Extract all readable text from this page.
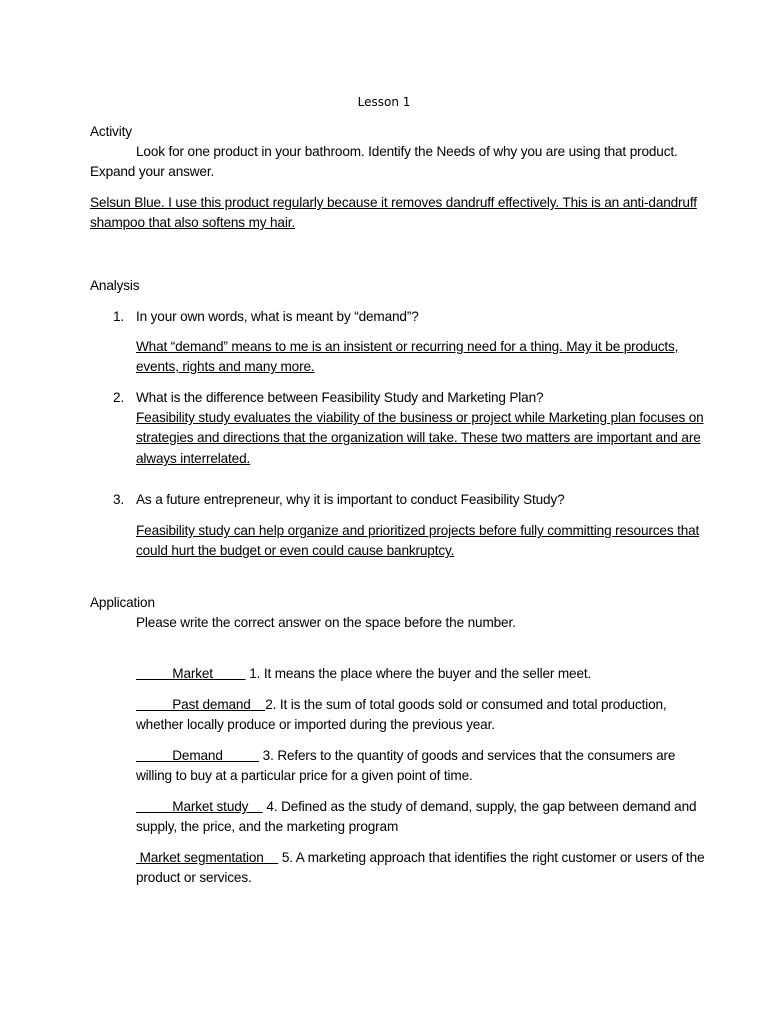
Lesson 1
Activity
Look for one product in your bathroom. Identify the Needs of why you are using that product.
Expand your answer.
Selsun Blue. I use this product regularly because it removes dandruff effectively. This is an anti-dandruff
shampoo that also softens my hair.
Analysis
1. In your own words, what is meant by “demand”?
What “demand” means to me is an insistent or recurring need for a thing. May it be products,
events, rights and many more.
2. What is the difference between Feasibility Study and Marketing Plan?
Feasibility study evaluates the viability of the business or project while Marketing plan focuses on
strategies and directions that the organization will take. These two matters are important and are
always interrelated.
3. As a future entrepreneur, why it is important to conduct Feasibility Study?
Feasibility study can help organize and prioritized projects before fully committing resources that
could hurt the budget or even could cause bankruptcy.
Application
Please write the correct answer on the space before the number.
Market          1. It means the place where the buyer and the seller meet.
Past demand    2. It is the sum of total goods sold or consumed and total production,
whether locally produce or imported during the previous year.
Demand           3. Refers to the quantity of goods and services that the consumers are
willing to buy at a particular price for a given point of time.
Market study     4. Defined as the study of demand, supply, the gap between demand and
supply, the price, and the marketing program
Market segmentation     5. A marketing approach that identifies the right customer or users of the
product or services.
